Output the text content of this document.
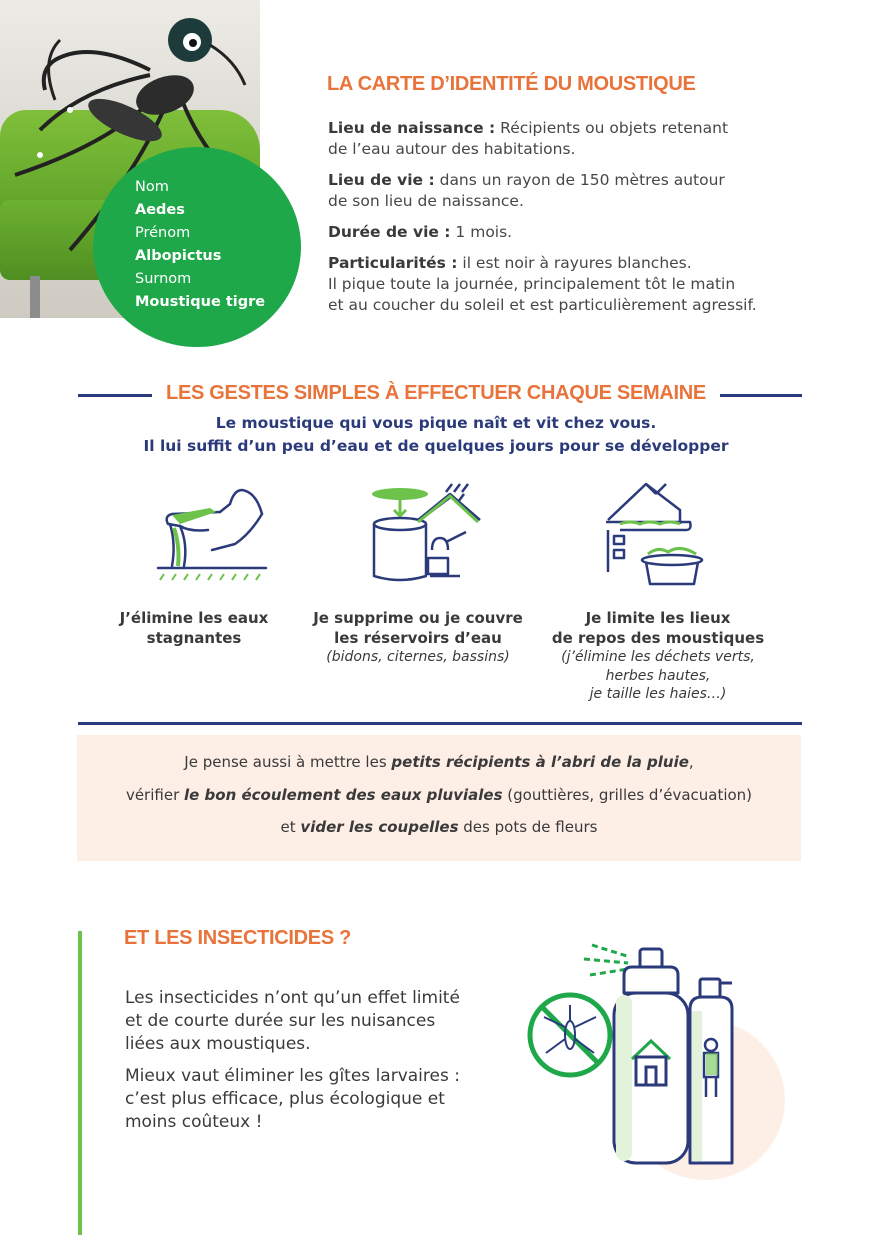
Nom
Aedes
Prénom
Albopictus
Surnom
Moustique tigre
LA CARTE D’IDENTITÉ DU MOUSTIQUE

Lieu de naissance : Récipients ou objets retenant
de l’eau autour des habitations.

Lieu de vie : dans un rayon de 150 mètres autour
de son lieu de naissance.

Durée de vie : 1 mois.

Particularités : il est noir à rayures blanches.
Il pique toute la journée, principalement tôt le matin
et au coucher du soleil et est particulièrement agressif.

LES GESTES SIMPLES À EFFECTUER CHAQUE SEMAINE
Le moustique qui vous pique naît et vit chez vous.
Il lui suffit d’un peu d’eau et de quelques jours pour se développer
J’élimine les eaux
stagnantes
Je supprime ou je couvre
les réservoirs d’eau
(bidons, citernes, bassins)
Je limite les lieux
de repos des moustiques
(j’élimine les déchets verts,
herbes hautes,
je taille les haies…)
Je pense aussi à mettre les petits récipients à l’abri de la pluie,
vérifier le bon écoulement des eaux pluviales (gouttières, grilles d’évacuation)
et vider les coupelles des pots de fleurs
ET LES INSECTICIDES ?

Les insecticides n’ont qu’un effet limité
et de courte durée sur les nuisances
liées aux moustiques.

Mieux vaut éliminer les gîtes larvaires :
c’est plus efficace, plus écologique et
moins coûteux !
